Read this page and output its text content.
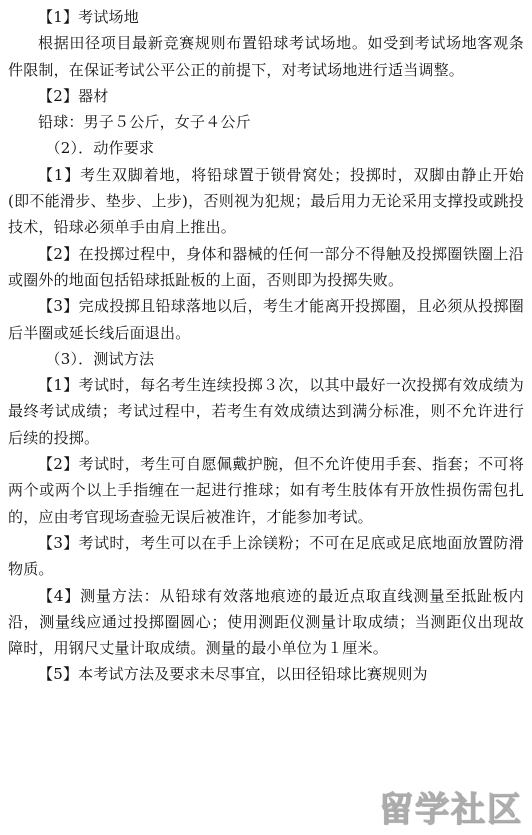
【1】考试场地

根据田径项目最新竞赛规则布置铅球考试场地。如受到考试场地客观条件限制，在保证考试公平公正的前提下，对考试场地进行适当调整。

【2】器材

铅球：男子５公斤，女子４公斤

（2）．动作要求

【1】考生双脚着地，将铅球置于锁骨窝处；投掷时，双脚由静止开始(即不能滑步、垫步、上步)，否则视为犯规；最后用力无论采用支撑投或跳投技术，铅球必须单手由肩上推出。

【2】在投掷过程中，身体和器械的任何一部分不得触及投掷圈铁圈上沿或圈外的地面包括铅球抵趾板的上面，否则即为投掷失败。

【3】完成投掷且铅球落地以后，考生才能离开投掷圈，且必须从投掷圈后半圈或延长线后面退出。

（3）．测试方法

【1】考试时，每名考生连续投掷３次，以其中最好一次投掷有效成绩为最终考试成绩；考试过程中，若考生有效成绩达到满分标准，则不允许进行后续的投掷。

【2】考试时，考生可自愿佩戴护腕，但不允许使用手套、指套；不可将两个或两个以上手指缠在一起进行推球；如有考生肢体有开放性损伤需包扎的，应由考官现场查验无误后被准许，才能参加考试。

【3】考试时，考生可以在手上涂镁粉；不可在足底或足底地面放置防滑物质。

【4】测量方法：从铅球有效落地痕迹的最近点取直线测量至抵趾板内沿，测量线应通过投掷圈圆心；使用测距仪测量计取成绩；当测距仪出现故障时，用钢尺丈量计取成绩。测量的最小单位为１厘米。

【5】本考试方法及要求未尽事宜，以田径铅球比赛规则为

留学社区
